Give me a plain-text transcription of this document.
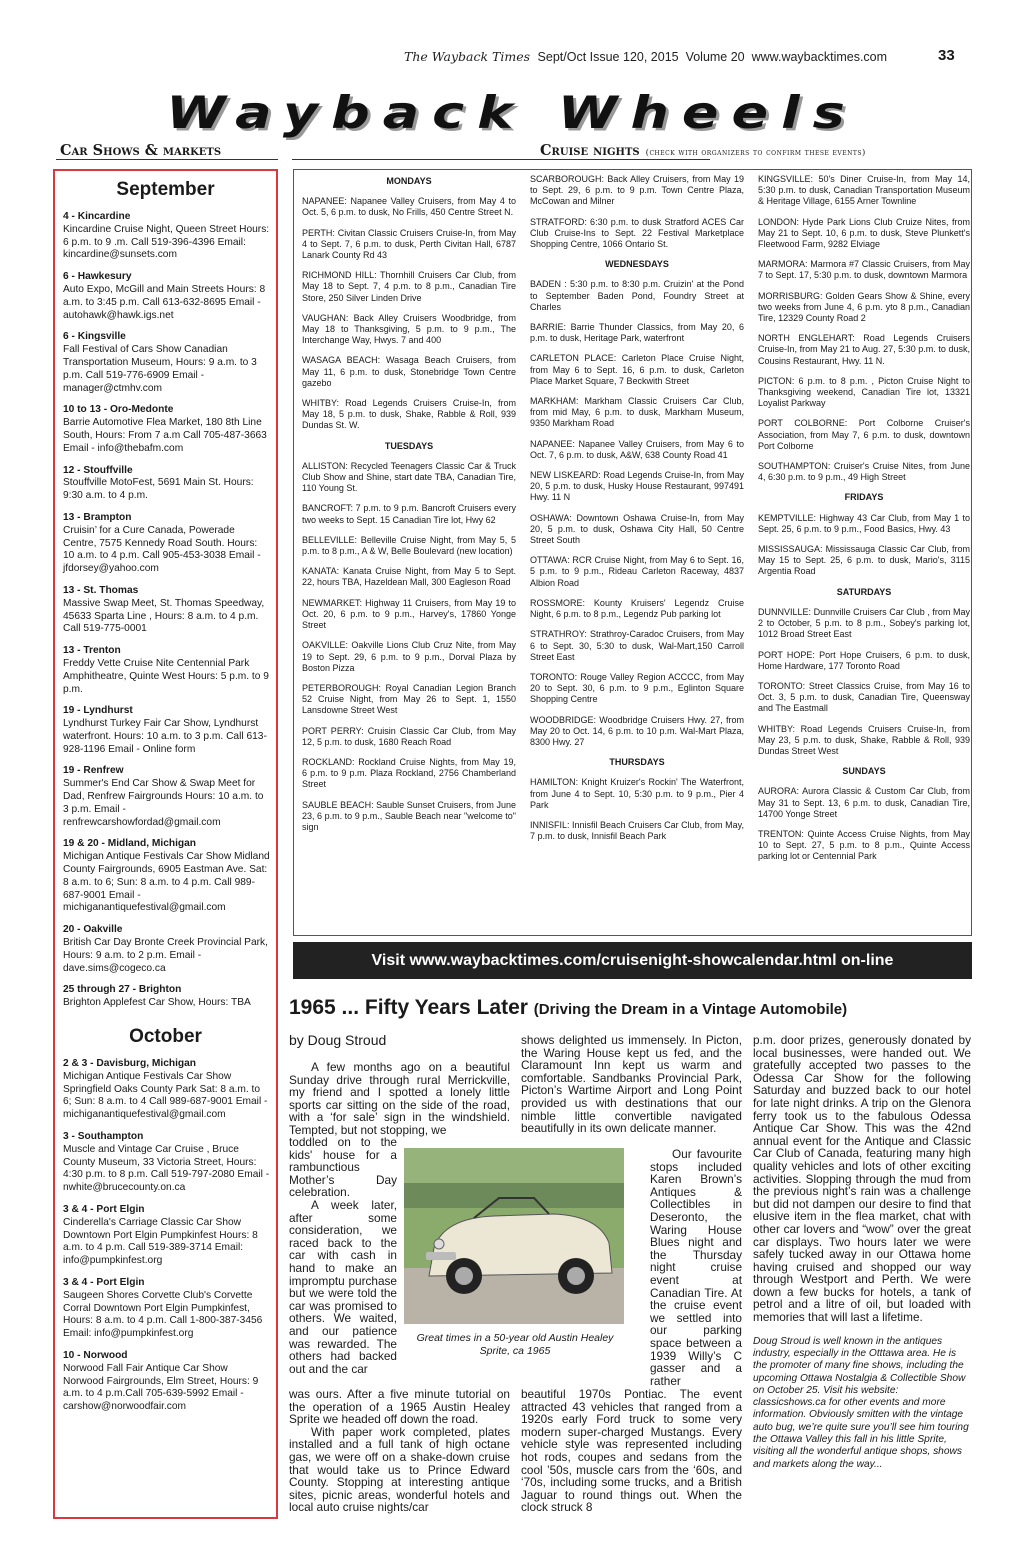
The Wayback Times Sept/Oct Issue 120, 2015 Volume 20 www.waybacktimes.com	33
Wayback Wheels
Car Shows & markets	Cruise nights (check with organizers to confirm these events)
September
4 - Kincardine
Kincardine Cruise Night, Queen Street Hours: 6 p.m. to 9 .m. Call 519-396-4396 Email: kincardine@sunsets.com
6 - Hawkesury
Auto Expo, McGill and Main Streets Hours: 8 a.m. to 3:45 p.m. Call 613-632-8695 Email - autohawk@hawk.igs.net
6 - Kingsville
Fall Festival of Cars Show Canadian Transportation Museum, Hours: 9 a.m. to 3 p.m. Call 519-776-6909 Email - manager@ctmhv.com
10 to 13 - Oro-Medonte
Barrie Automotive Flea Market, 180 8th Line South, Hours: From 7 a.m Call 705-487-3663 Email - info@thebafm.com
12 - Stouffville
Stouffville MotoFest, 5691 Main St. Hours: 9:30 a.m. to 4 p.m.
13 - Brampton
Cruisin’ for a Cure Canada, Powerade Centre, 7575 Kennedy Road South. Hours: 10 a.m. to 4 p.m. Call 905-453-3038 Email - jfdorsey@yahoo.com
13 - St. Thomas
Massive Swap Meet, St. Thomas Speedway, 45633 Sparta Line , Hours: 8 a.m. to 4 p.m. Call 519-775-0001
13 - Trenton
Freddy Vette Cruise Nite Centennial Park Amphitheatre, Quinte West Hours: 5 p.m. to 9 p.m.
19 - Lyndhurst
Lyndhurst Turkey Fair Car Show, Lyndhurst waterfront. Hours: 10 a.m. to 3 p.m. Call 613-928-1196 Email - Online form
19 - Renfrew
Summer's End Car Show & Swap Meet for Dad, Renfrew Fairgrounds Hours: 10 a.m. to 3 p.m. Email - renfrewcarshowfordad@gmail.com
19 & 20 - Midland, Michigan
Michigan Antique Festivals Car Show Midland County Fairgrounds, 6905 Eastman Ave. Sat: 8 a.m. to 6; Sun: 8 a.m. to 4 p.m. Call 989-687-9001 Email - michiganantiquefestival@gmail.com
20 - Oakville
British Car Day Bronte Creek Provincial Park, Hours: 9 a.m. to 2 p.m. Email - dave.sims@cogeco.ca
25 through 27 - Brighton
Brighton Applefest Car Show, Hours: TBA
October
2 & 3 - Davisburg, Michigan
Michigan Antique Festivals Car Show Springfield Oaks County Park Sat: 8 a.m. to 6; Sun: 8 a.m. to 4 Call 989-687-9001 Email - michiganantiquefestival@gmail.com
3 - Southampton
Muscle and Vintage Car Cruise , Bruce County Museum, 33 Victoria Street, Hours: 4:30 p.m. to 8 p.m. Call 519-797-2080 Email - nwhite@brucecounty.on.ca
3 & 4 - Port Elgin
Cinderella's Carriage Classic Car Show Downtown Port Elgin Pumpkinfest Hours: 8 a.m. to 4 p.m. Call 519-389-3714 Email: info@pumpkinfest.org
3 & 4 - Port Elgin
Saugeen Shores Corvette Club's Corvette Corral Downtown Port Elgin Pumpkinfest, Hours: 8 a.m. to 4 p.m. Call 1-800-387-3456 Email: info@pumpkinfest.org
10 - Norwood
Norwood Fall Fair Antique Car Show Norwood Fairgrounds, Elm Street, Hours: 9 a.m. to 4 p.m.Call 705-639-5992 Email - carshow@norwoodfair.com
MONDAYS
NAPANEE: Napanee Valley Cruisers, from May 4 to Oct. 5, 6 p.m. to dusk, No Frills, 450 Centre Street N.
PERTH: Civitan Classic Cruisers Cruise-In, from May 4 to Sept. 7, 6 p.m. to dusk, Perth Civitan Hall, 6787 Lanark County Rd 43
RICHMOND HILL: Thornhill Cruisers Car Club, from May 18 to Sept. 7, 4 p.m. to 8 p.m., Canadian Tire Store, 250 Silver Linden Drive
VAUGHAN: Back Alley Cruisers Woodbridge, from May 18 to Thanksgiving, 5 p.m. to 9 p.m., The Interchange Way, Hwys. 7 and 400
WASAGA BEACH: Wasaga Beach Cruisers, from May 11, 6 p.m. to dusk, Stonebridge Town Centre gazebo
WHITBY: Road Legends Cruisers Cruise-In, from May 18, 5 p.m. to dusk, Shake, Rabble & Roll, 939 Dundas St. W.
TUESDAYS
ALLISTON: Recycled Teenagers Classic Car & Truck Club Show and Shine, start date TBA, Canadian Tire, 110 Young St.
BANCROFT: 7 p.m. to 9 p.m. Bancroft Cruisers every two weeks to Sept. 15 Canadian Tire lot, Hwy 62
BELLEVILLE: Belleville Cruise Night, from May 5, 5 p.m. to 8 p.m., A & W, Belle Boulevard (new location)
KANATA: Kanata Cruise Night, from May 5 to Sept. 22, hours TBA, Hazeldean Mall, 300 Eagleson Road
NEWMARKET: Highway 11 Cruisers, from May 19 to Oct. 20, 6 p.m. to 9 p.m., Harvey's, 17860 Yonge Street
OAKVILLE: Oakville Lions Club Cruz Nite, from May 19 to Sept. 29, 6 p.m. to 9 p.m., Dorval Plaza by Boston Pizza
PETERBOROUGH: Royal Canadian Legion Branch 52 Cruise Night, from May 26 to Sept. 1, 1550 Lansdowne Street West
PORT PERRY: Cruisin Classic Car Club, from May 12, 5 p.m. to dusk, 1680 Reach Road
ROCKLAND: Rockland Cruise Nights, from May 19, 6 p.m. to 9 p.m. Plaza Rockland, 2756 Chamberland Street
SAUBLE BEACH: Sauble Sunset Cruisers, from June 23, 6 p.m. to 9 p.m., Sauble Beach near "welcome to" sign
SCARBOROUGH: Back Alley Cruisers, from May 19 to Sept. 29, 6 p.m. to 9 p.m. Town Centre Plaza, McCowan and Milner
STRATFORD: 6:30 p.m. to dusk Stratford ACES Car Club Cruise-Ins to Sept. 22 Festival Marketplace Shopping Centre, 1066 Ontario St.
WEDNESDAYS
BADEN : 5:30 p.m. to 8:30 p.m. Cruizin' at the Pond to September Baden Pond, Foundry Street at Charles
BARRIE: Barrie Thunder Classics, from May 20, 6 p.m. to dusk, Heritage Park, waterfront
CARLETON PLACE: Carleton Place Cruise Night, from May 6 to Sept. 16, 6 p.m. to dusk, Carleton Place Market Square, 7 Beckwith Street
MARKHAM: Markham Classic Cruisers Car Club, from mid May, 6 p.m. to dusk, Markham Museum, 9350 Markham Road
NAPANEE: Napanee Valley Cruisers, from May 6 to Oct. 7, 6 p.m. to dusk, A&W, 638 County Road 41
NEW LISKEARD: Road Legends Cruise-In, from May 20, 5 p.m. to dusk, Husky House Restaurant, 997491 Hwy. 11 N
OSHAWA: Downtown Oshawa Cruise-In, from May 20, 5 p.m. to dusk, Oshawa City Hall, 50 Centre Street South
OTTAWA: RCR Cruise Night, from May 6 to Sept. 16, 5 p.m. to 9 p.m., Rideau Carleton Raceway, 4837 Albion Road
ROSSMORE: Kounty Kruisers' Legendz Cruise Night, 6 p.m. to 8 p.m., Legendz Pub parking lot
STRATHROY: Strathroy-Caradoc Cruisers, from May 6 to Sept. 30, 5:30 to dusk, Wal-Mart,150 Carroll Street East
TORONTO: Rouge Valley Region ACCCC, from May 20 to Sept. 30, 6 p.m. to 9 p.m., Eglinton Square Shopping Centre
WOODBRIDGE: Woodbridge Cruisers Hwy. 27, from May 20 to Oct. 14, 6 p.m. to 10 p.m. Wal-Mart Plaza, 8300 Hwy. 27
THURSDAYS
HAMILTON: Knight Kruizer's Rockin' The Waterfront, from June 4 to Sept. 10, 5:30 p.m. to 9 p.m., Pier 4 Park
INNISFIL: Innisfil Beach Cruisers Car Club, from May, 7 p.m. to dusk, Innisfil Beach Park
KINGSVILLE: 50's Diner Cruise-In, from May 14, 5:30 p.m. to dusk, Canadian Transportation Museum & Heritage Village, 6155 Arner Townline
LONDON: Hyde Park Lions Club Cruize Nites, from May 21 to Sept. 10, 6 p.m. to dusk, Steve Plunkett's Fleetwood Farm, 9282 Elviage
MARMORA: Marmora #7 Classic Cruisers, from May 7 to Sept. 17, 5:30 p.m. to dusk, downtown Marmora
MORRISBURG: Golden Gears Show & Shine, every two weeks from June 4, 6 p.m. yto 8 p.m., Canadian Tire, 12329 County Road 2
NORTH ENGLEHART: Road Legends Cruisers Cruise-In, from May 21 to Aug. 27, 5:30 p.m. to dusk, Cousins Restaurant, Hwy. 11 N.
PICTON: 6 p.m. to 8 p.m. , Picton Cruise Night to Thanksgiving weekend, Canadian Tire lot, 13321 Loyalist Parkway
PORT COLBORNE: Port Colborne Cruiser's Association, from May 7, 6 p.m. to dusk, downtown Port Colborne
SOUTHAMPTON: Cruiser's Cruise Nites, from June 4, 6:30 p.m. to 9 p.m., 49 High Street
FRIDAYS
KEMPTVILLE: Highway 43 Car Club, from May 1 to Sept. 25, 6 p.m. to 9 p.m., Food Basics, Hwy. 43
MISSISSAUGA: Mississauga Classic Car Club, from May 15 to Sept. 25, 6 p.m. to dusk, Mario's, 3115 Argentia Road
SATURDAYS
DUNNVILLE: Dunnville Cruisers Car Club , from May 2 to October, 5 p.m. to 8 p.m., Sobey's parking lot, 1012 Broad Street East
PORT HOPE: Port Hope Cruisers, 6 p.m. to dusk, Home Hardware, 177 Toronto Road
TORONTO: Street Classics Cruise, from May 16 to Oct. 3, 5 p.m. to dusk, Canadian Tire, Queensway and The Eastmall
WHITBY: Road Legends Cruisers Cruise-In, from May 23, 5 p.m. to dusk, Shake, Rabble & Roll, 939 Dundas Street West
SUNDAYS
AURORA: Aurora Classic & Custom Car Club, from May 31 to Sept. 13, 6 p.m. to dusk, Canadian Tire, 14700 Yonge Street
TRENTON: Quinte Access Cruise Nights, from May 10 to Sept. 27, 5 p.m. to 8 p.m., Quinte Access parking lot or Centennial Park
Visit www.waybacktimes.com/cruisenight-showcalendar.html on-line
1965 ... Fifty Years Later (Driving the Dream in a Vintage Automobile)
by Doug Stroud

A few months ago on a beautiful Sunday drive through rural Merrickville, my friend and I spotted a lonely little sports car sitting on the side of the road, with a ‘for sale’ sign in the windshield. Tempted, but not stopping, we

toddled on to the kids' house for a rambunctious Mother’s Day celebration.

A week later, after some consideration, we raced back to the car with cash in hand to make an impromptu purchase but we were told the car was promised to others. We waited, and our patience was rewarded. The others had backed out and the car

was ours. After a five minute tutorial on the operation of a 1965 Austin Healey Sprite we headed off down the road.

With paper work completed, plates installed and a full tank of high octane gas, we were off on a shake-down cruise that would take us to Prince Edward County. Stopping at interesting antique sites, picnic areas, wonderful hotels and local auto cruise nights/car

shows delighted us immensely. In Picton, the Waring House kept us fed, and the Claramount Inn kept us warm and comfortable. Sandbanks Provincial Park, Picton’s Wartime Airport and Long Point provided us with destinations that our nimble little convertible navigated beautifully in its own delicate manner.

Our favourite stops included Karen Brown’s Antiques & Collectibles in Deseronto, the Waring House Blues night and the Thursday night cruise event at Canadian Tire. At the cruise event we settled into our parking space between a 1939 Willy’s C gasser and a rather

beautiful 1970s Pontiac. The event attracted 43 vehicles that ranged from a 1920s early Ford truck to some very modern super-charged Mustangs. Every vehicle style was represented including hot rods, coupes and sedans from the cool ’50s, muscle cars from the ‘60s, and ‘70s, including some trucks, and a British Jaguar to round things out. When the clock struck 8

p.m. door prizes, generously donated by local businesses, were handed out. We gratefully accepted two passes to the Odessa Car Show for the following Saturday and buzzed back to our hotel for late night drinks. A trip on the Glenora ferry took us to the fabulous Odessa Antique Car Show. This was the 42nd annual event for the Antique and Classic Car Club of Canada, featuring many high quality vehicles and lots of other exciting activities. Slopping through the mud from the previous night’s rain was a challenge but did not dampen our desire to find that elusive item in the flea market, chat with other car lovers and “wow” over the great car displays. Two hours later we were safely tucked away in our Ottawa home having cruised and shopped our way through Westport and Perth. We were down a few bucks for hotels, a tank of petrol and a litre of oil, but loaded with memories that will last a lifetime.

Doug Stroud is well known in the antiques industry, especially in the Otttawa area. He is the promoter of many fine shows, including the upcoming Ottawa Nostalgia & Collectible Show on October 25. Visit his website: classicshows.ca for other events and more information. Obviously smitten with the vintage auto bug, we’re quite sure you’ll see him touring the Ottawa Valley this fall in his little Sprite, visiting all the wonderful antique shops, shows and markets along the way...

Great times in a 50-year old Austin Healey Sprite, ca 1965
